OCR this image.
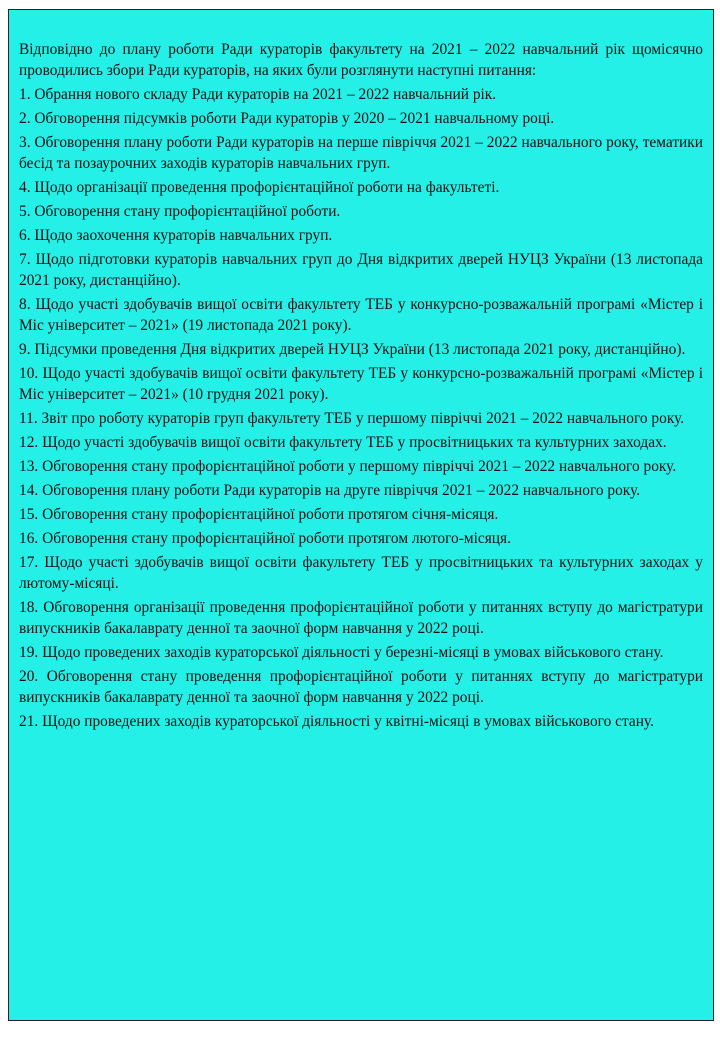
Відповідно до плану роботи Ради кураторів факультету на 2021 – 2022 навчальний рік щомісячно проводились збори Ради кураторів, на яких були розглянути наступні питання:

1. Обрання нового складу Ради кураторів на 2021 – 2022 навчальний рік.

2. Обговорення підсумків роботи Ради кураторів у 2020 – 2021 навчальному році.

3. Обговорення плану роботи Ради кураторів на перше півріччя 2021 – 2022 навчального року, тематики бесід та позаурочних заходів кураторів навчальних груп.

4. Щодо організації проведення профорієнтаційної роботи на факультеті.

5. Обговорення стану профорієнтаційної роботи.

6. Щодо заохочення кураторів навчальних груп.

7. Щодо підготовки кураторів навчальних груп до Дня відкритих дверей НУЦЗ України (13 листопада 2021 року, дистанційно).

8. Щодо участі здобувачів вищої освіти факультету ТЕБ у конкурсно-розважальній програмі «Містер і Міс університет – 2021» (19 листопада 2021 року).

9. Підсумки проведення Дня відкритих дверей НУЦЗ України (13 листопада 2021 року, дистанційно).

10. Щодо участі здобувачів вищої освіти факультету ТЕБ у конкурсно-розважальній програмі «Містер і Міс університет – 2021» (10 грудня 2021 року).

11. Звіт про роботу кураторів груп факультету ТЕБ у першому півріччі 2021 – 2022 навчального року.

12. Щодо участі здобувачів вищої освіти факультету ТЕБ у просвітницьких та культурних заходах.

13. Обговорення стану профорієнтаційної роботи у першому півріччі 2021 – 2022 навчального року.

14. Обговорення плану роботи Ради кураторів на друге півріччя 2021 – 2022 навчального року.

15. Обговорення стану профорієнтаційної роботи протягом січня-місяця.

16. Обговорення стану профорієнтаційної роботи протягом лютого-місяця.

17. Щодо участі здобувачів вищої освіти факультету ТЕБ у просвітницьких та культурних заходах у лютому-місяці.

18. Обговорення організації проведення профорієнтаційної роботи у питаннях вступу до магістратури випускників бакалаврату денної та заочної форм навчання у 2022 році.

19. Щодо проведених заходів кураторської діяльності у березні-місяці в умовах військового стану.

20. Обговорення стану проведення профорієнтаційної роботи у питаннях вступу до магістратури випускників бакалаврату денної та заочної форм навчання у 2022 році.

21. Щодо проведених заходів кураторської діяльності у квітні-місяці в умовах військового стану.
